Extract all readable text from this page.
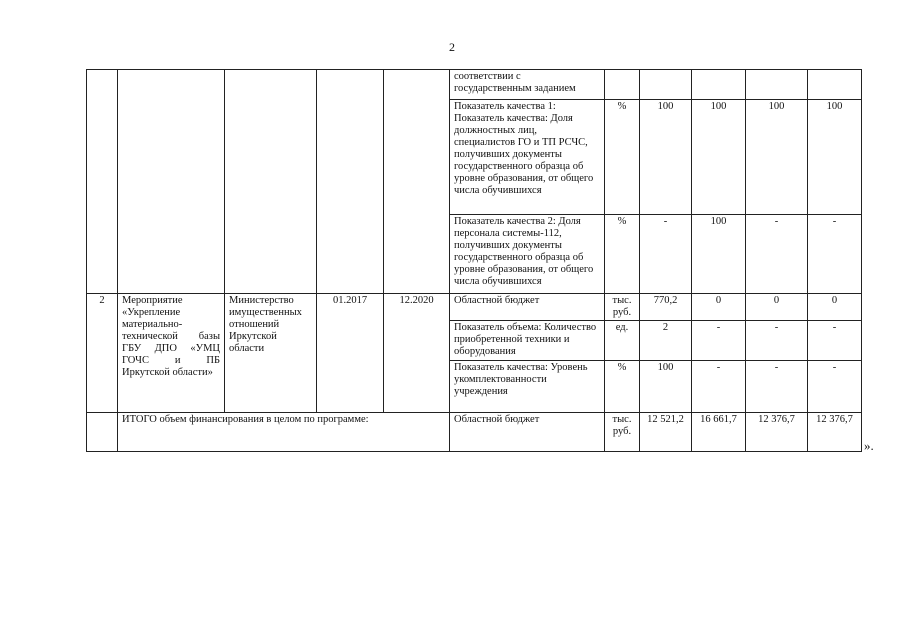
2
					соответствии с государственным заданием					
					Показатель качества 1: Показатель качества: Доля должностных лиц, специалистов ГО и ТП РСЧС, получивших документы государственного образца об уровне образования, от общего числа обучившихся	%	100	100	100	100
					Показатель качества 2: Доля персонала системы-112, получивших документы государственного образца об уровне образования, от общего числа обучившихся	%	-	100	-	-
2	Мероприятие «Укрепление материально-технической базы ГБУ ДПО «УМЦ ГОЧС и ПБ Иркутской области»	Министерство имущественных отношений Иркутской области	01.2017	12.2020	Областной бюджет	тыс. руб.	770,2	0	0	0
					Показатель объема: Количество приобретенной техники и оборудования	ед.	2	-	-	-
					Показатель качества: Уровень укомплектованности учреждения	%	100	-	-	-
	ИТОГО объем финансирования в целом по программе:				Областной бюджет	тыс. руб.	12 521,2	16 661,7	12 376,7	12 376,7
».
